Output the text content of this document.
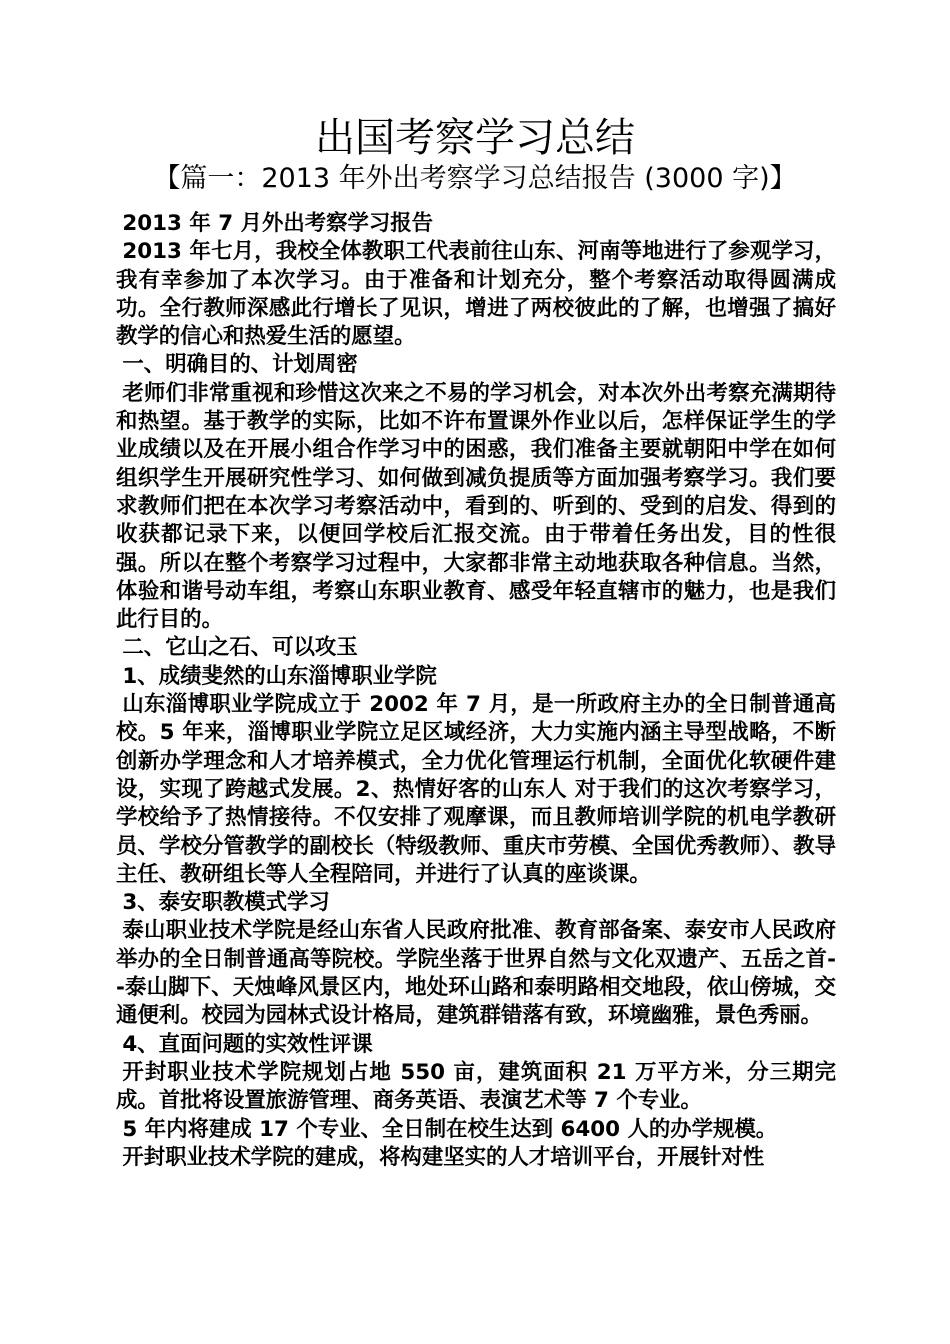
出国考察学习总结
【篇一：2013 年外出考察学习总结报告 (3000 字)】

2013 年 7 月外出考察学习报告

2013 年七月，我校全体教职工代表前往山东、河南等地进行了参观学习，我有幸参加了本次学习。由于准备和计划充分，整个考察活动取得圆满成功。全行教师深感此行增长了见识，增进了两校彼此的了解，也增强了搞好教学的信心和热爱生活的愿望。

一、明确目的、计划周密

老师们非常重视和珍惜这次来之不易的学习机会，对本次外出考察充满期待和热望。基于教学的实际，比如不许布置课外作业以后，怎样保证学生的学业成绩以及在开展小组合作学习中的困惑，我们准备主要就朝阳中学在如何组织学生开展研究性学习、如何做到减负提质等方面加强考察学习。我们要求教师们把在本次学习考察活动中，看到的、听到的、受到的启发、得到的收获都记录下来，以便回学校后汇报交流。由于带着任务出发，目的性很强。所以在整个考察学习过程中，大家都非常主动地获取各种信息。当然，体验和谐号动车组，考察山东职业教育、感受年轻直辖市的魅力，也是我们此行目的。

二、它山之石、可以攻玉

1、成绩斐然的山东淄博职业学院

山东淄博职业学院成立于 2002 年 7 月，是一所政府主办的全日制普通高校。5 年来，淄博职业学院立足区域经济，大力实施内涵主导型战略，不断创新办学理念和人才培养模式，全力优化管理运行机制，全面优化软硬件建设，实现了跨越式发展。2、热情好客的山东人 对于我们的这次考察学习，学校给予了热情接待。不仅安排了观摩课，而且教师培训学院的机电学教研员、学校分管教学的副校长（特级教师、重庆市劳模、全国优秀教师）、教导主任、教研组长等人全程陪同，并进行了认真的座谈课。

3、泰安职教模式学习

泰山职业技术学院是经山东省人民政府批准、教育部备案、泰安市人民政府举办的全日制普通高等院校。学院坐落于世界自然与文化双遗产、五岳之首--泰山脚下、天烛峰风景区内，地处环山路和泰明路相交地段，依山傍城，交通便利。校园为园林式设计格局，建筑群错落有致，环境幽雅，景色秀丽。

4、直面问题的实效性评课

开封职业技术学院规划占地 550 亩，建筑面积 21 万平方米，分三期完成。首批将设置旅游管理、商务英语、表演艺术等 7 个专业。

5 年内将建成 17 个专业、全日制在校生达到 6400 人的办学规模。

开封职业技术学院的建成，将构建坚实的人才培训平台，开展针对性
